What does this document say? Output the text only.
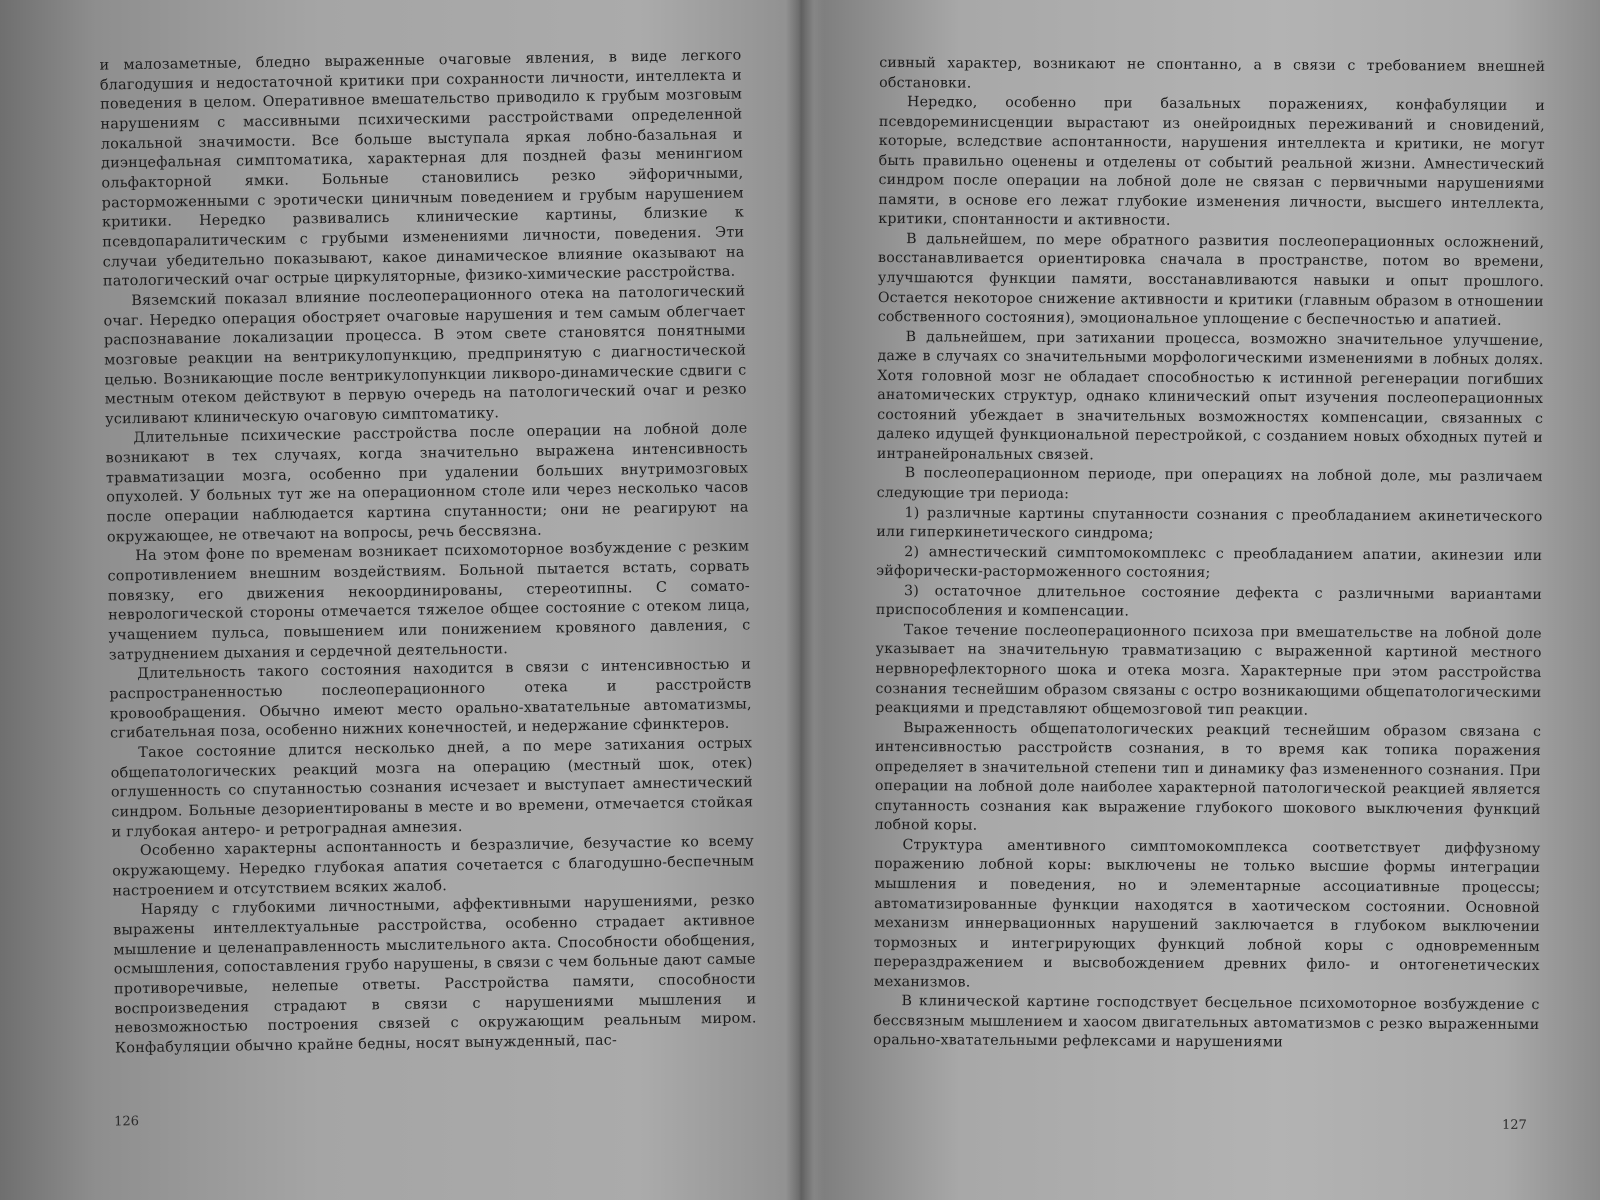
и малозаметные, бледно выраженные очаговые явления, в виде легкого благодушия и недостаточной критики при сохранности личности, интеллекта и поведения в целом. Оперативное вмешательство приводило к грубым мозговым нарушениям с массивными психическими расстройствами определенной локальной значимости. Все больше выступала яркая лобно-базальная и диэнцефальная симптоматика, характерная для поздней фазы менингиом ольфакторной ямки. Больные становились резко эйфоричными, расторможенными с эротически циничным поведением и грубым нарушением критики. Нередко развивались клинические картины, близкие к псевдопаралитическим с грубыми изменениями личности, поведения. Эти случаи убедительно показывают, какое динамическое влияние оказывают на патологический очаг острые циркуляторные, физико-химические расстройства.

Вяземский показал влияние послеоперационного отека на патологический очаг. Нередко операция обостряет очаговые нарушения и тем самым облегчает распознавание локализации процесса. В этом свете становятся понятными мозговые реакции на вентрикулопункцию, предпринятую с диагностической целью. Возникающие после вентрикулопункции ликворо-динамические сдвиги с местным отеком действуют в первую очередь на патологический очаг и резко усиливают клиническую очаговую симптоматику.

Длительные психические расстройства после операции на лобной доле возникают в тех случаях, когда значительно выражена интенсивность травматизации мозга, особенно при удалении больших внутримозговых опухолей. У больных тут же на операционном столе или через несколько часов после операции наблюдается картина спутанности; они не реагируют на окружающее, не отвечают на вопросы, речь бессвязна.

На этом фоне по временам возникает психомоторное возбуждение с резким сопротивлением внешним воздействиям. Больной пытается встать, сорвать повязку, его движения некоординированы, стереотипны. С сомато-неврологической стороны отмечается тяжелое общее состояние с отеком лица, учащением пульса, повышением или понижением кровяного давления, с затруднением дыхания и сердечной деятельности.

Длительность такого состояния находится в связи с интенсивностью и распространенностью послеоперационного отека и расстройств кровообращения. Обычно имеют место орально-хватательные автоматизмы, сгибательная поза, особенно нижних конечностей, и недержание сфинктеров.

Такое состояние длится несколько дней, а по мере затихания острых общепатологических реакций мозга на операцию (местный шок, отек) оглушенность со спутанностью сознания исчезает и выступает амнестический синдром. Больные дезориентированы в месте и во времени, отмечается стойкая и глубокая антеро- и ретроградная амнезия.

Особенно характерны аспонтанность и безразличие, безучастие ко всему окружающему. Нередко глубокая апатия сочетается с благодушно-беспечным настроением и отсутствием всяких жалоб.

Наряду с глубокими личностными, аффективными нарушениями, резко выражены интеллектуальные расстройства, особенно страдает активное мышление и целенаправленность мыслительного акта. Способности обобщения, осмышления, сопоставления грубо нарушены, в связи с чем больные дают самые противоречивые, нелепые ответы. Расстройства памяти, способности воспроизведения страдают в связи с нарушениями мышления и невозможностью построения связей с окружающим реальным миром. Конфабуляции обычно крайне бедны, носят вынужденный, пас-

126

сивный характер, возникают не спонтанно, а в связи с требованием внешней обстановки.

Нередко, особенно при базальных поражениях, конфабуляции и псевдореминисценции вырастают из онейроидных переживаний и сновидений, которые, вследствие аспонтанности, нарушения интеллекта и критики, не могут быть правильно оценены и отделены от событий реальной жизни. Амнестический синдром после операции на лобной доле не связан с первичными нарушениями памяти, в основе его лежат глубокие изменения личности, высшего интеллекта, критики, спонтанности и активности.

В дальнейшем, по мере обратного развития послеоперационных осложнений, восстанавливается ориентировка сначала в пространстве, потом во времени, улучшаются функции памяти, восстанавливаются навыки и опыт прошлого. Остается некоторое снижение активности и критики (главным образом в отношении собственного состояния), эмоциональное уплощение с беспечностью и апатией.

В дальнейшем, при затихании процесса, возможно значительное улучшение, даже в случаях со значительными морфологическими изменениями в лобных долях. Хотя головной мозг не обладает способностью к истинной регенерации погибших анатомических структур, однако клинический опыт изучения послеоперационных состояний убеждает в значительных возможностях компенсации, связанных с далеко идущей функциональной перестройкой, с созданием новых обходных путей и интранейрональных связей.

В послеоперационном периоде, при операциях на лобной доле, мы различаем следующие три периода:

1) различные картины спутанности сознания с преобладанием акинетического или гиперкинетического синдрома;

2) амнестический симптомокомплекс с преобладанием апатии, акинезии или эйфорически-расторможенного состояния;

3) остаточное длительное состояние дефекта с различными вариантами приспособления и компенсации.

Такое течение послеоперационного психоза при вмешательстве на лобной доле указывает на значительную травматизацию с выраженной картиной местного нервнорефлекторного шока и отека мозга. Характерные при этом расстройства сознания теснейшим образом связаны с остро возникающими общепатологическими реакциями и представляют общемозговой тип реакции.

Выраженность общепатологических реакций теснейшим образом связана с интенсивностью расстройств сознания, в то время как топика поражения определяет в значительной степени тип и динамику фаз измененного сознания. При операции на лобной доле наиболее характерной патологической реакцией является спутанность сознания как выражение глубокого шокового выключения функций лобной коры.

Структура аментивного симптомокомплекса соответствует диффузному поражению лобной коры: выключены не только высшие формы интеграции мышления и поведения, но и элементарные ассоциативные процессы; автоматизированные функции находятся в хаотическом состоянии. Основной механизм иннервационных нарушений заключается в глубоком выключении тормозных и интегрирующих функций лобной коры с одновременным перераздражением и высвобождением древних фило- и онтогенетических механизмов.

В клинической картине господствует бесцельное психомоторное возбуждение с бессвязным мышлением и хаосом двигательных автоматизмов с резко выраженными орально-хватательными рефлексами и нарушениями

127
